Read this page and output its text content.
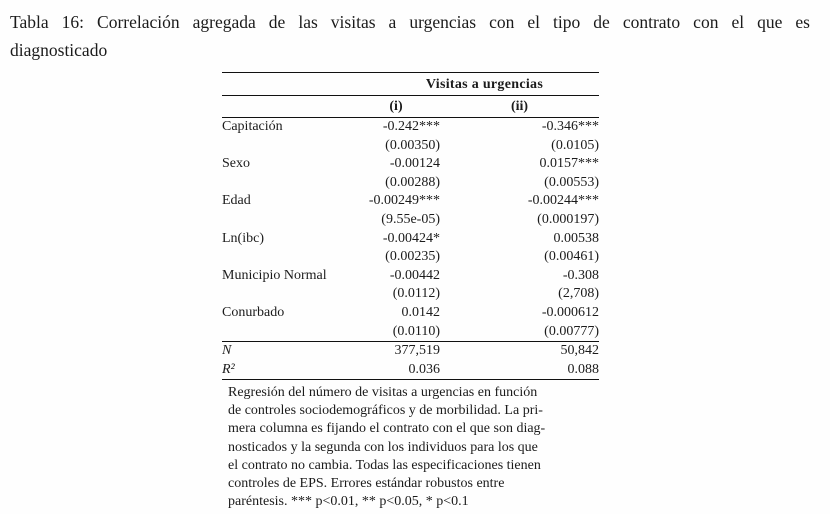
Tabla 16: Correlación agregada de las visitas a urgencias con el tipo de contrato con el que es
diagnosticado
	Visitas a urgencias	
	(i)	(ii)
Capitación	-0.242***	-0.346***
	(0.00350)	(0.0105)
Sexo	-0.00124	0.0157***
	(0.00288)	(0.00553)
Edad	-0.00249***	-0.00244***
	(9.55e-05)	(0.000197)
Ln(ibc)	-0.00424*	0.00538
	(0.00235)	(0.00461)
Municipio Normal	-0.00442	-0.308
	(0.0112)	(2,708)
Conurbado	0.0142	-0.000612
	(0.0110)	(0.00777)
N	377,519	50,842
R²	0.036	0.088
Regresión del número de visitas a urgencias en función
de controles sociodemográficos y de morbilidad. La pri-
mera columna es fijando el contrato con el que son diag-
nosticados y la segunda con los individuos para los que
el contrato no cambia. Todas las especificaciones tienen
controles de EPS. Errores estándar robustos entre
paréntesis. *** p<0.01, ** p<0.05, * p<0.1
